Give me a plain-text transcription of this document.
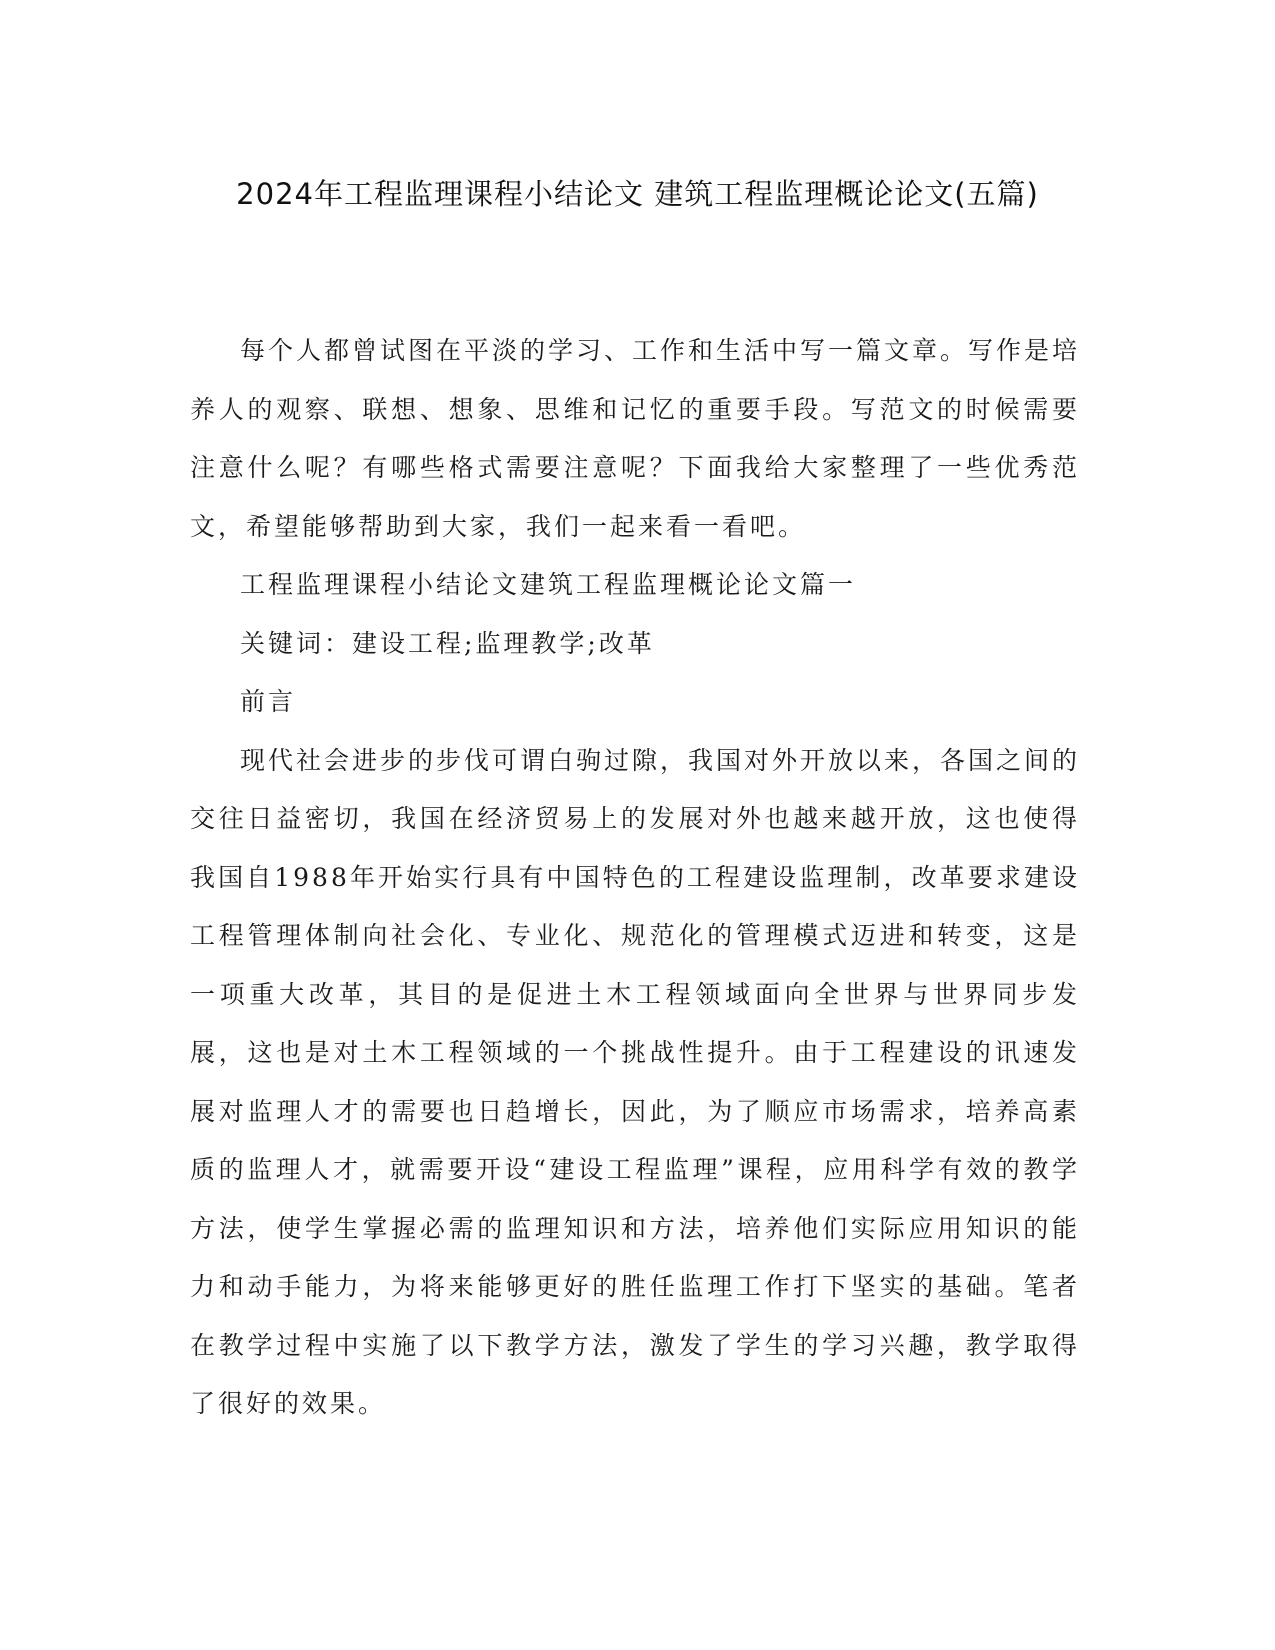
2024年工程监理课程小结论文 建筑工程监理概论论文(五篇)

每个人都曾试图在平淡的学习、工作和生活中写一篇文章。写作是培养人的观察、联想、想象、思维和记忆的重要手段。写范文的时候需要注意什么呢？有哪些格式需要注意呢？下面我给大家整理了一些优秀范文，希望能够帮助到大家，我们一起来看一看吧。

工程监理课程小结论文建筑工程监理概论论文篇一

关键词：建设工程;监理教学;改革

前言

现代社会进步的步伐可谓白驹过隙，我国对外开放以来，各国之间的交往日益密切，我国在经济贸易上的发展对外也越来越开放，这也使得我国自1988年开始实行具有中国特色的工程建设监理制，改革要求建设工程管理体制向社会化、专业化、规范化的管理模式迈进和转变，这是一项重大改革，其目的是促进土木工程领域面向全世界与世界同步发展，这也是对土木工程领域的一个挑战性提升。由于工程建设的讯速发展对监理人才的需要也日趋增长，因此，为了顺应市场需求，培养高素质的监理人才，就需要开设“建设工程监理”课程，应用科学有效的教学方法，使学生掌握必需的监理知识和方法，培养他们实际应用知识的能力和动手能力，为将来能够更好的胜任监理工作打下坚实的基础。笔者在教学过程中实施了以下教学方法，激发了学生的学习兴趣，教学取得了很好的效果。
